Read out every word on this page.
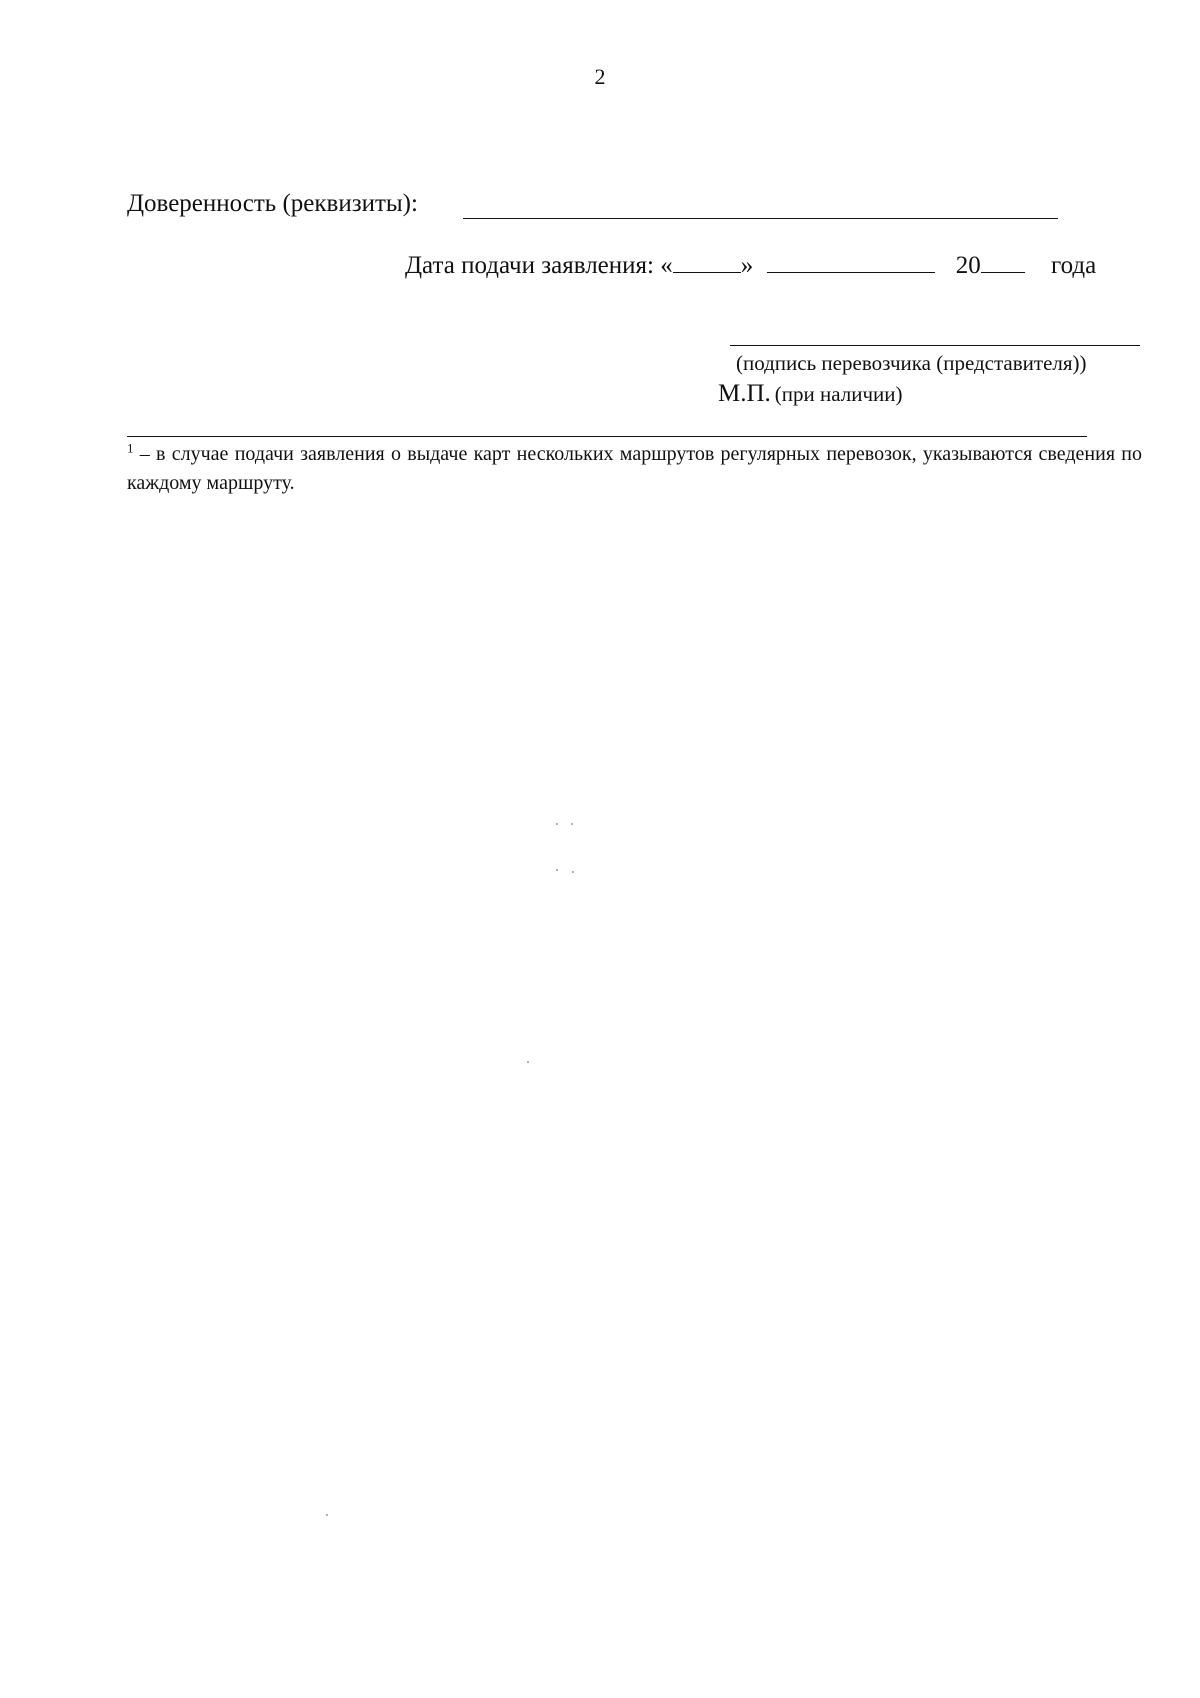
2
Доверенность (реквизиты):
Дата подачи заявления: «	»	20	года
(подпись перевозчика (представителя))
М.П. (при наличии)
$^1$ – в случае подачи заявления о выдаче карт нескольких маршрутов регулярных перевозок, указываются сведения по каждому маршруту.
